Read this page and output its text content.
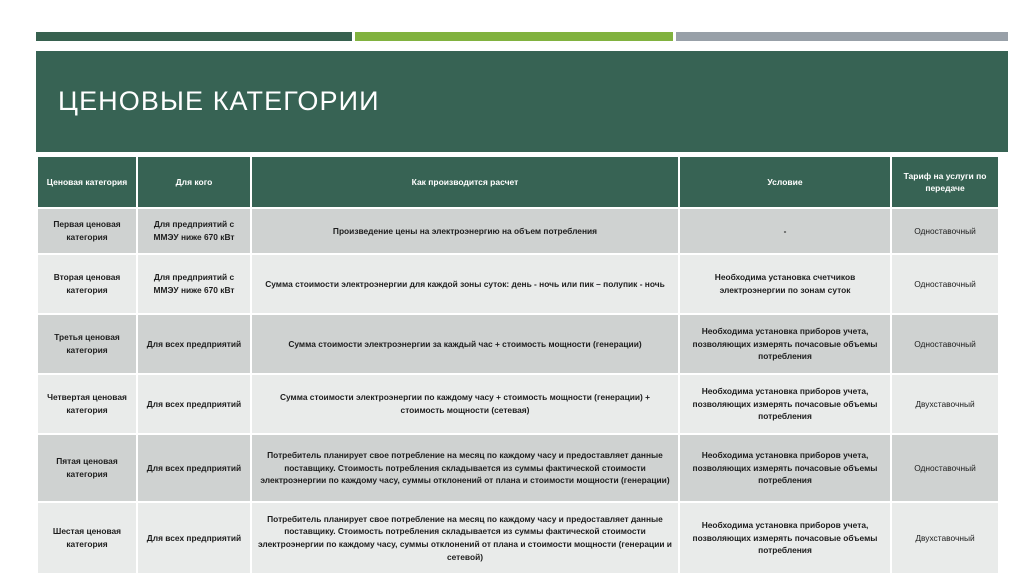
ЦЕНОВЫЕ КАТЕГОРИИ
Ценовая категория	Для кого	Как производится расчет	Условие	Тариф на услуги по передаче
Первая ценовая категория	Для предприятий с ММЭУ ниже 670 кВт	Произведение цены на электроэнергию на объем потребления	-	Одноставочный
Вторая ценовая категория	Для предприятий с ММЭУ ниже 670 кВт	Сумма стоимости электроэнергии для каждой зоны суток: день - ночь или пик – полупик - ночь	Необходима установка счетчиков электроэнергии по зонам суток	Одноставочный
Третья ценовая категория	Для всех предприятий	Сумма стоимости электроэнергии за каждый час + стоимость мощности (генерации)	Необходима установка приборов учета, позволяющих измерять почасовые объемы потребления	Одноставочный
Четвертая ценовая категория	Для всех предприятий	Сумма стоимости электроэнергии по каждому часу + стоимость мощности (генерации) + стоимость мощности (сетевая)	Необходима установка приборов учета, позволяющих измерять почасовые объемы потребления	Двухставочный
Пятая ценовая категория	Для всех предприятий	Потребитель планирует свое потребление на месяц по каждому часу и предоставляет данные поставщику. Стоимость потребления складывается из суммы фактической стоимости электроэнергии по каждому часу, суммы отклонений от плана и стоимости мощности (генерации)	Необходима установка приборов учета, позволяющих измерять почасовые объемы потребления	Одноставочный
Шестая ценовая категория	Для всех предприятий	Потребитель планирует свое потребление на месяц по каждому часу и предоставляет данные поставщику. Стоимость потребления складывается из суммы фактической стоимости электроэнергии по каждому часу, суммы отклонений от плана и стоимости мощности (генерации и сетевой)	Необходима установка приборов учета, позволяющих измерять почасовые объемы потребления	Двухставочный
